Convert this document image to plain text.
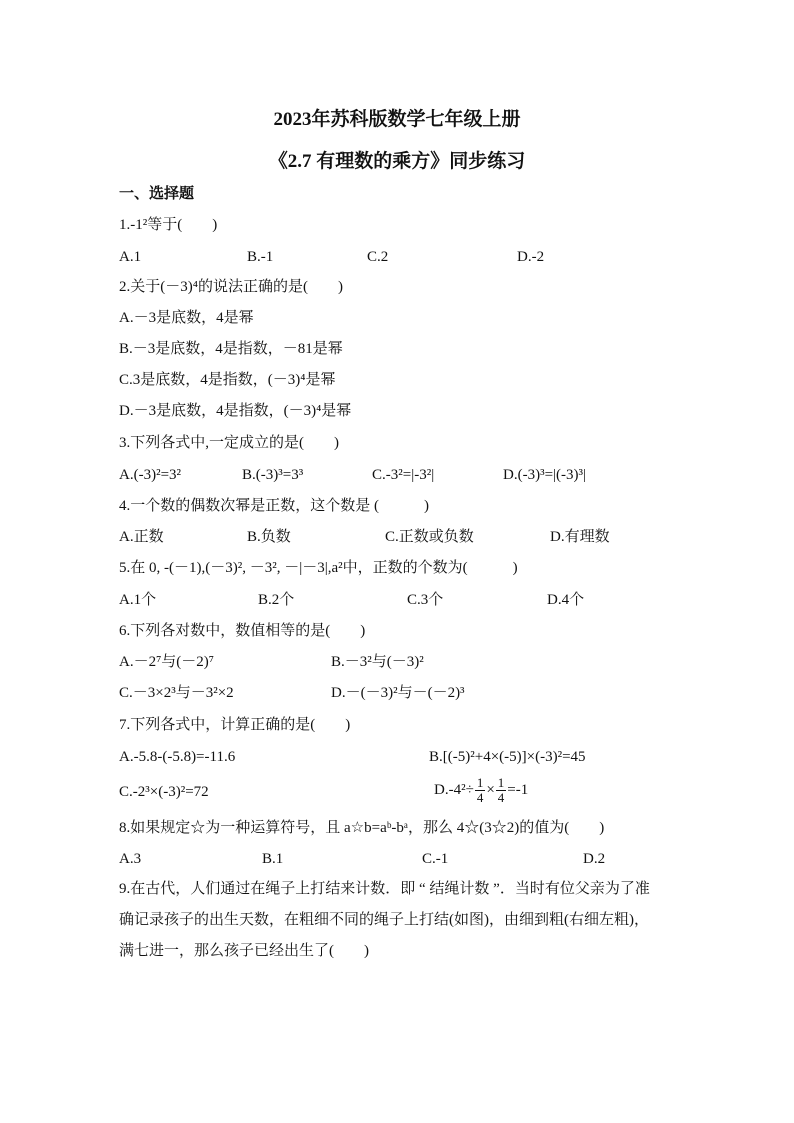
2023年苏科版数学七年级上册
《2.7 有理数的乘方》同步练习
一、选择题
1.-1²等于(　　)
A.1	B.-1	C.2	D.-2
2.关于(－3)⁴的说法正确的是(　　)
A.－3是底数，4是幂
B.－3是底数，4是指数，－81是幂
C.3是底数，4是指数，(－3)⁴是幂
D.－3是底数，4是指数，(－3)⁴是幂
3.下列各式中,一定成立的是(　　)
A.(-3)²=3²	B.(-3)³=3³	C.-3²=|-3²|	D.(-3)³=|(-3)³|
4.一个数的偶数次幂是正数，这个数是 (　　　)
A.正数	B.负数	C.正数或负数	D.有理数
5.在 0, -(－1),(－3)², －3², －|－3|,a²中，正数的个数为(　　　)
A.1个	B.2个	C.3个	D.4个
6.下列各对数中，数值相等的是(　　)
A.－2⁷与(－2)⁷	B.－3²与(－3)²
C.－3×2³与－3²×2	D.－(－3)²与－(－2)³
7.下列各式中，计算正确的是(　　)
A.-5.8-(-5.8)=-11.6	B.[(-5)²+4×(-5)]×(-3)²=45
C.-2³×(-3)²=72	$D.-4^2\div \frac{1}{4} \times \frac{1}{4} =-1$
8.如果规定☆为一种运算符号，且 a☆b=aᵇ-bᵃ，那么 4☆(3☆2)的值为(　　)
A.3	B.1	C.-1	D.2
9.在古代，人们通过在绳子上打结来计数．即 “ 结绳计数 ”．当时有位父亲为了准
确记录孩子的出生天数，在粗细不同的绳子上打结(如图)，由细到粗(右细左粗)，
满七进一，那么孩子已经出生了(　　)
